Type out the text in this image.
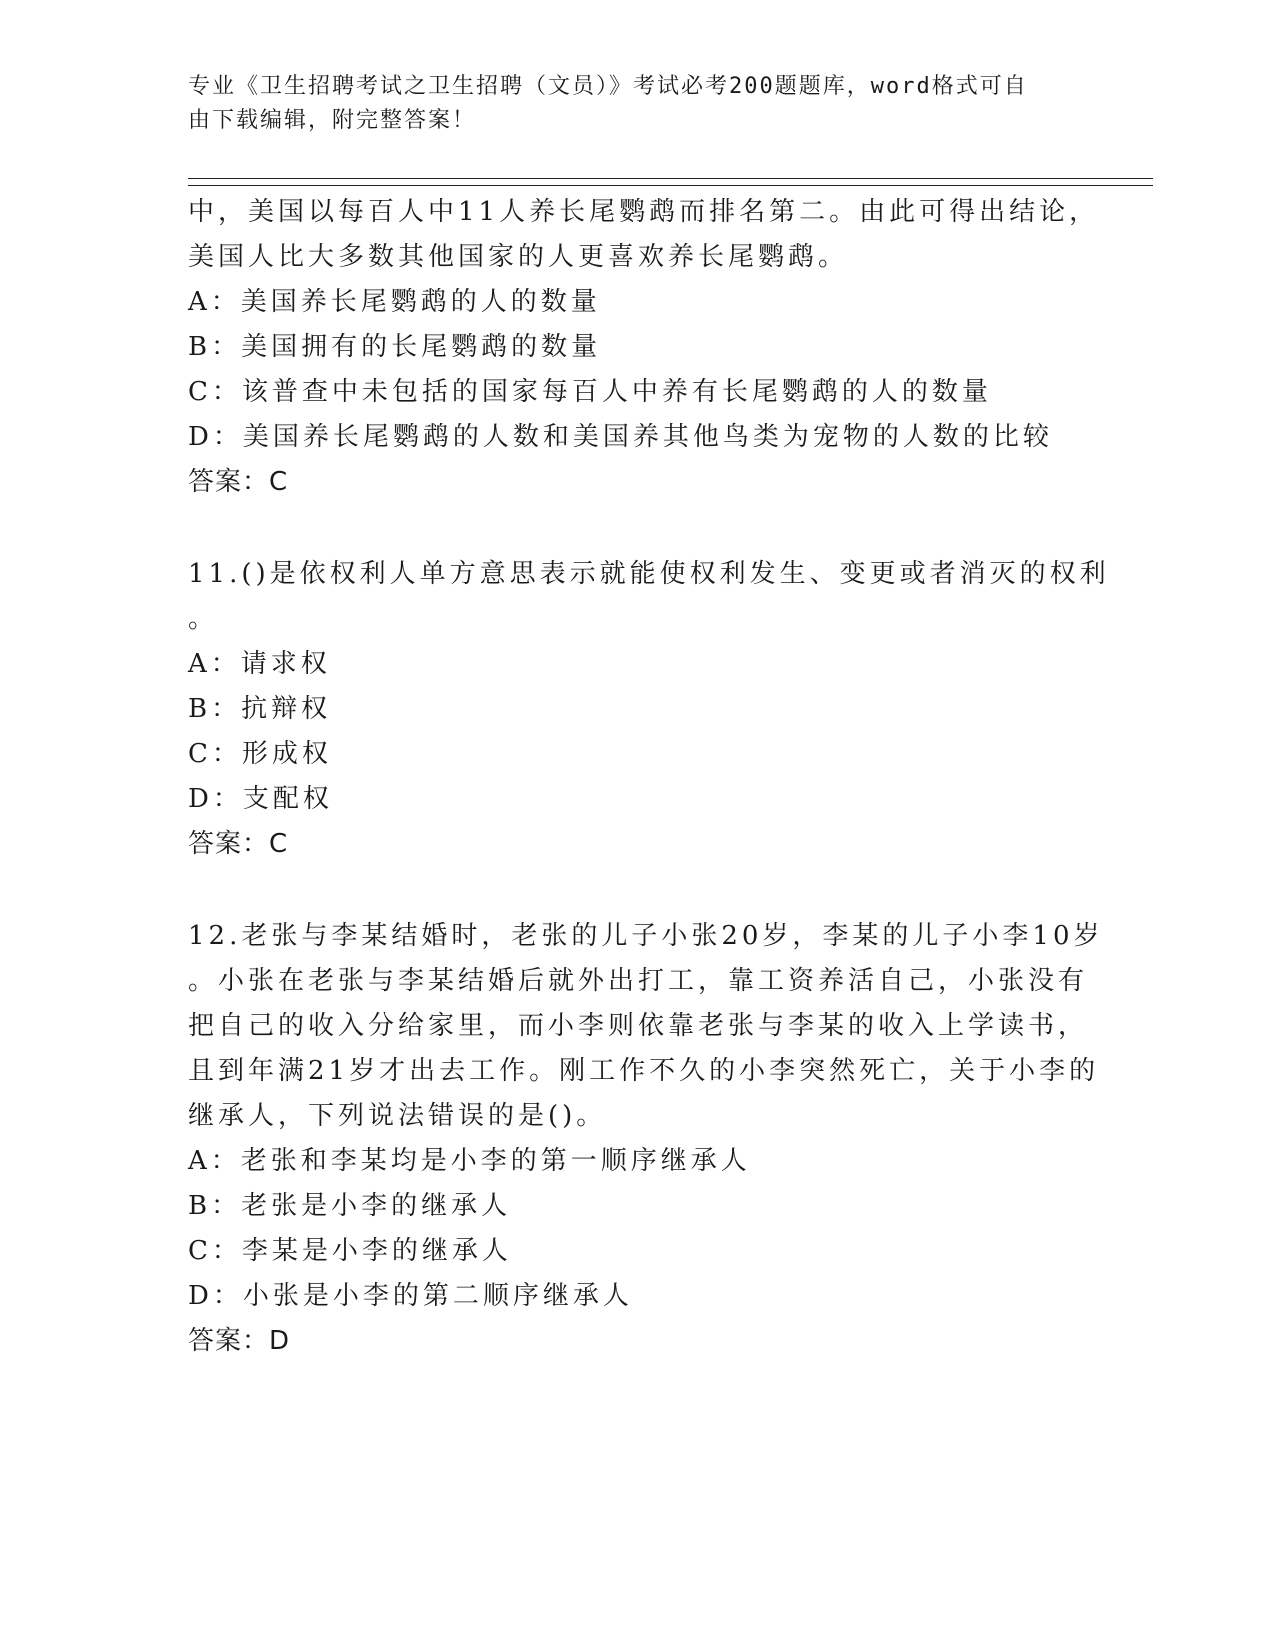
专业《卫生招聘考试之卫生招聘（文员）》考试必考200题题库，word格式可自
由下载编辑，附完整答案！
中，美国以每百人中11人养长尾鹦鹉而排名第二。由此可得出结论，
美国人比大多数其他国家的人更喜欢养长尾鹦鹉。
A：美国养长尾鹦鹉的人的数量
B：美国拥有的长尾鹦鹉的数量
C：该普查中未包括的国家每百人中养有长尾鹦鹉的人的数量
D：美国养长尾鹦鹉的人数和美国养其他鸟类为宠物的人数的比较
答案：C
11.()是依权利人单方意思表示就能使权利发生、变更或者消灭的权利
。
A：请求权
B：抗辩权
C：形成权
D：支配权
答案：C
12.老张与李某结婚时，老张的儿子小张20岁，李某的儿子小李10岁
。小张在老张与李某结婚后就外出打工，靠工资养活自己，小张没有
把自己的收入分给家里，而小李则依靠老张与李某的收入上学读书，
且到年满21岁才出去工作。刚工作不久的小李突然死亡，关于小李的
继承人，下列说法错误的是()。
A：老张和李某均是小李的第一顺序继承人
B：老张是小李的继承人
C：李某是小李的继承人
D：小张是小李的第二顺序继承人
答案：D
